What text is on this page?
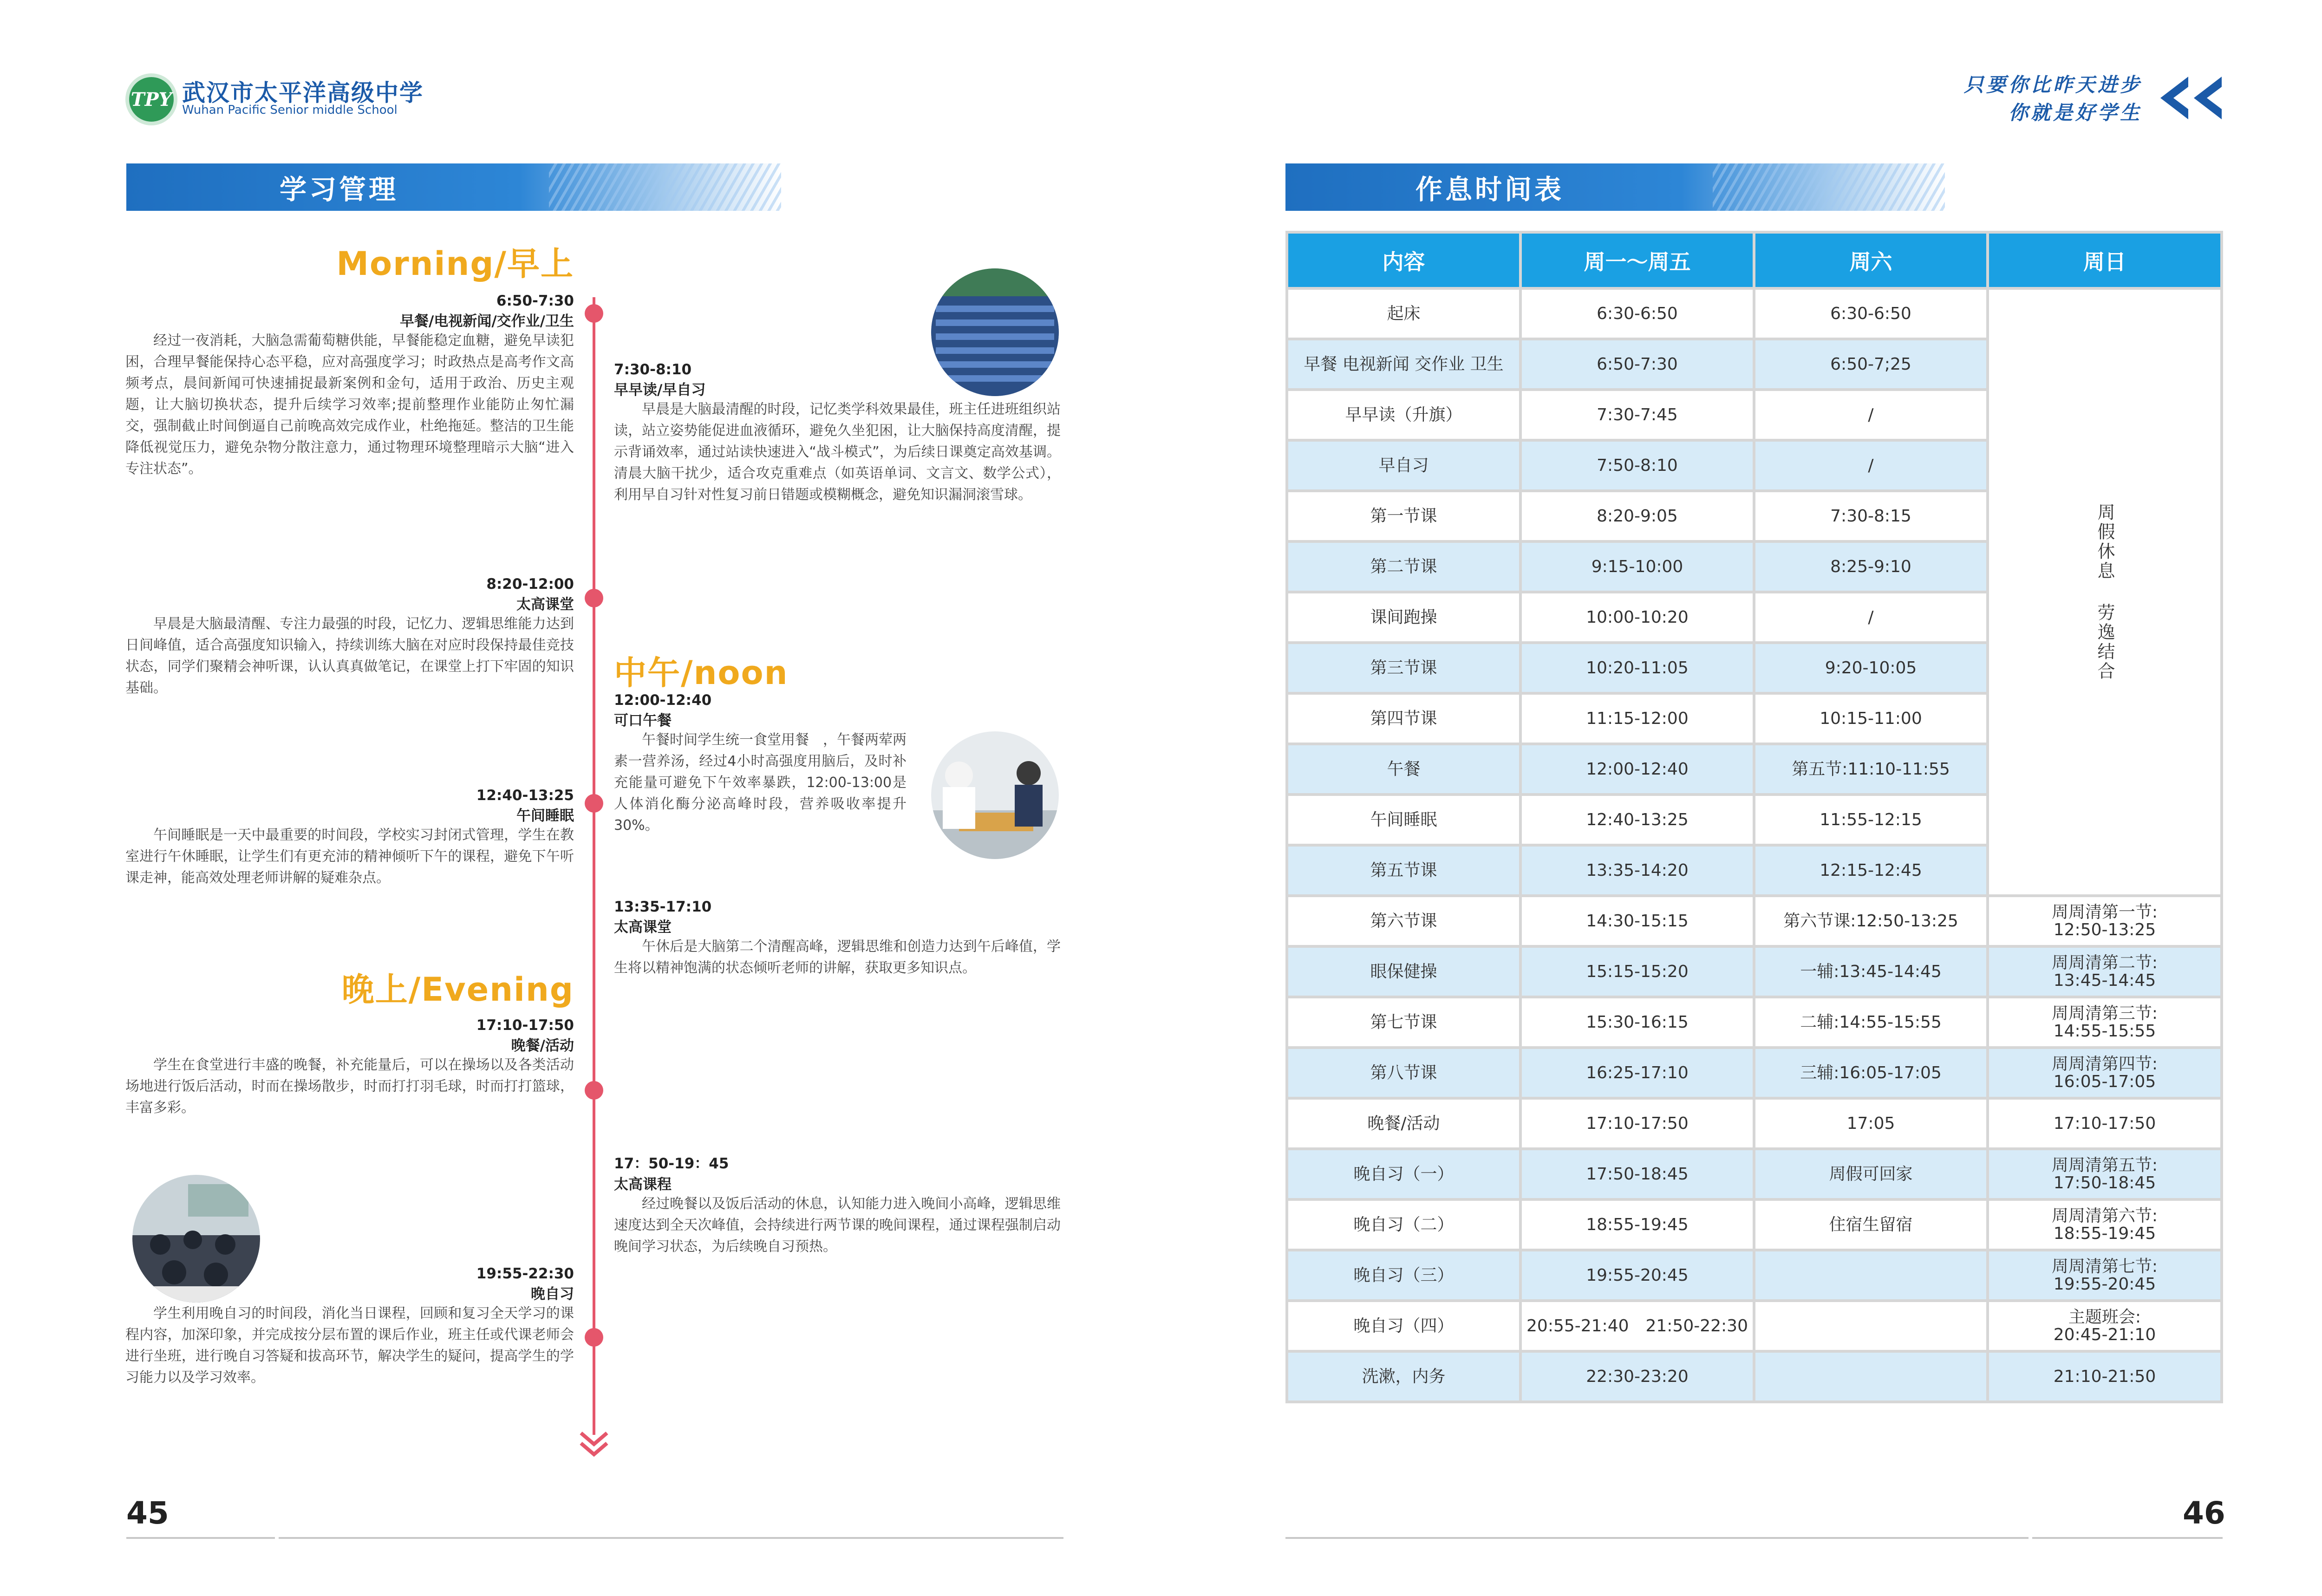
TPY 武汉市太平洋高级中学
Wuhan Pacific Senior middle School
只要你比昨天进步
你就是好学生
学习管理	作息时间表
Morning/早上
中午/noon
晚上/Evening
6:50-7:30
早餐/电视新闻/交作业/卫生
经过一夜消耗，大脑急需葡萄糖供能，早餐能稳定血糖，避免早读犯困，合理早餐能保持心态平稳，应对高强度学习；时政热点是高考作文高频考点，晨间新闻可快速捕捉最新案例和金句，适用于政治、历史主观题，让大脑切换状态，提升后续学习效率;提前整理作业能防止匆忙漏交，强制截止时间倒逼自己前晚高效完成作业，杜绝拖延。整洁的卫生能降低视觉压力，避免杂物分散注意力，通过物理环境整理暗示大脑“进入专注状态”。
8:20-12:00
太高课堂
早晨是大脑最清醒、专注力最强的时段，记忆力、逻辑思维能力达到日间峰值，适合高强度知识输入，持续训练大脑在对应时段保持最佳竞技状态，同学们聚精会神听课，认认真真做笔记，在课堂上打下牢固的知识基础。
12:40-13:25
午间睡眠
午间睡眠是一天中最重要的时间段，学校实习封闭式管理，学生在教室进行午休睡眠，让学生们有更充沛的精神倾听下午的课程，避免下午听课走神，能高效处理老师讲解的疑难杂点。
17:10-17:50
晚餐/活动
学生在食堂进行丰盛的晚餐，补充能量后，可以在操场以及各类活动场地进行饭后活动，时而在操场散步，时而打打羽毛球，时而打打篮球，丰富多彩。
19:55-22:30
晚自习
学生利用晚自习的时间段，消化当日课程，回顾和复习全天学习的课程内容，加深印象，并完成按分层布置的课后作业，班主任或代课老师会进行坐班，进行晚自习答疑和拔高环节，解决学生的疑问，提高学生的学习能力以及学习效率。
7:30-8:10
早早读/早自习
早晨是大脑最清醒的时段，记忆类学科效果最佳，班主任进班组织站读，站立姿势能促进血液循环，避免久坐犯困，让大脑保持高度清醒，提示背诵效率，通过站读快速进入“战斗模式”，为后续日课奠定高效基调。清晨大脑干扰少，适合攻克重难点（如英语单词、文言文、数学公式），利用早自习针对性复习前日错题或模糊概念，避免知识漏洞滚雪球。
12:00-12:40
可口午餐
午餐时间学生统一食堂用餐　，午餐两荤两素一营养汤，经过4小时高强度用脑后，及时补充能量可避免下午效率暴跌，12:00-13:00是人体消化酶分泌高峰时段，营养吸收率提升30%。
13:35-17:10
太高课堂
午休后是大脑第二个清醒高峰，逻辑思维和创造力达到午后峰值，学生将以精神饱满的状态倾听老师的讲解，获取更多知识点。
17：50-19：45
太高课程
经过晚餐以及饭后活动的休息，认知能力进入晚间小高峰，逻辑思维速度达到全天次峰值，会持续进行两节课的晚间课程，通过课程强制启动晚间学习状态，为后续晚自习预热。
内容	周一～周五	周六	周日
起床	6:30-6:50	6:30-6:50	周假休息 劳逸结合
早餐 电视新闻 交作业 卫生	6:50-7:30	6:50-7;25	
早早读（升旗）	7:30-7:45	/	
早自习	7:50-8:10	/	
第一节课	8:20-9:05	7:30-8:15	
第二节课	9:15-10:00	8:25-9:10	
课间跑操	10:00-10:20	/	
第三节课	10:20-11:05	9:20-10:05	
第四节课	11:15-12:00	10:15-11:00	
午餐	12:00-12:40	第五节:11:10-11:55	
午间睡眠	12:40-13:25	11:55-12:15	
第五节课	13:35-14:20	12:15-12:45	
第六节课	14:30-15:15	第六节课:12:50-13:25	周周清第一节:
12:50-13:25

眼保健操	15:15-15:20	一辅:13:45-14:45	周周清第二节:
13:45-14:45

第七节课	15:30-16:15	二辅:14:55-15:55	周周清第三节:
14:55-15:55

第八节课	16:25-17:10	三辅:16:05-17:05	周周清第四节:
16:05-17:05

晚餐/活动	17:10-17:50	17:05	17:10-17:50

晚自习（一）	17:50-18:45	周假可回家	周周清第五节:
17:50-18:45

晚自习（二）	18:55-19:45	住宿生留宿	周周清第六节:
18:55-19:45

晚自习（三）	19:55-20:45		周周清第七节:
19:55-20:45

晚自习（四）	20:55-21:40　21:50-22:30		主题班会:
20:45-21:10

洗漱，内务	22:30-23:20		21:10-21:50
45	46
